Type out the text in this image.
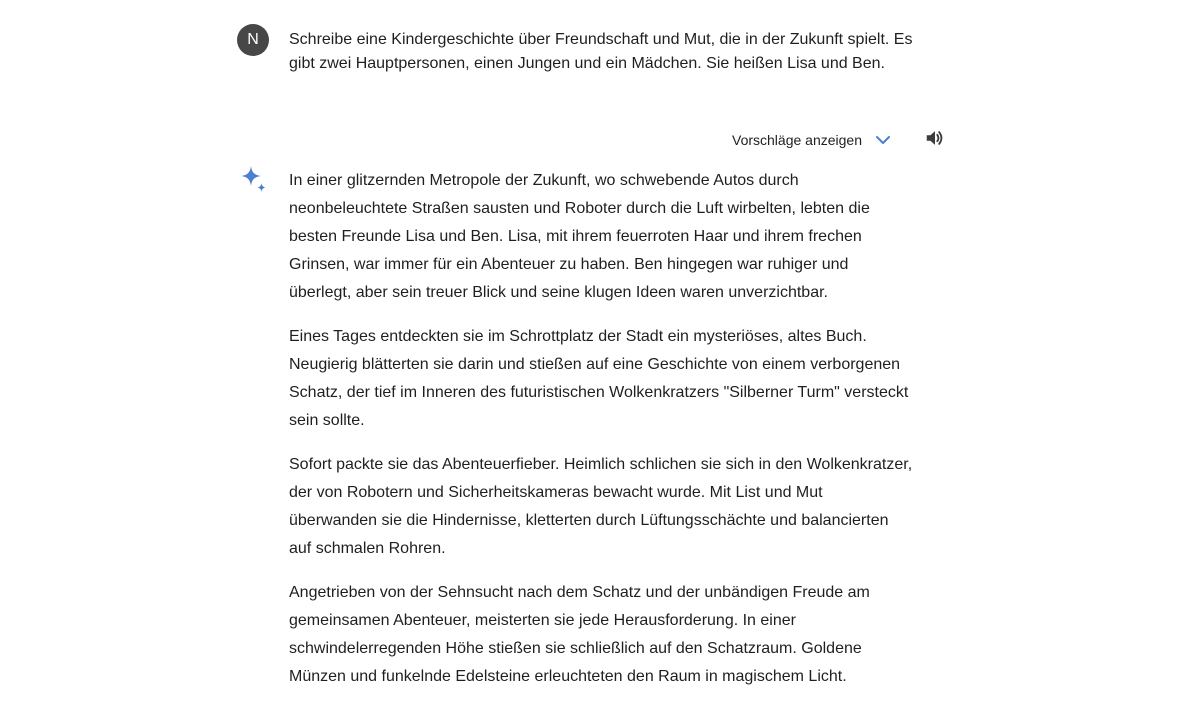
N	Schreibe eine Kindergeschichte über Freundschaft und Mut, die in der Zukunft spielt. Es gibt zwei Hauptpersonen, einen Jungen und ein Mädchen. Sie heißen Lisa und Ben.

Vorschläge anzeigen

In einer glitzernden Metropole der Zukunft, wo schwebende Autos durch neonbeleuchtete Straßen sausten und Roboter durch die Luft wirbelten, lebten die besten Freunde Lisa und Ben. Lisa, mit ihrem feuerroten Haar und ihrem frechen Grinsen, war immer für ein Abenteuer zu haben. Ben hingegen war ruhiger und überlegt, aber sein treuer Blick und seine klugen Ideen waren unverzichtbar.

Eines Tages entdeckten sie im Schrottplatz der Stadt ein mysteriöses, altes Buch. Neugierig blätterten sie darin und stießen auf eine Geschichte von einem verborgenen Schatz, der tief im Inneren des futuristischen Wolkenkratzers "Silberner Turm" versteckt sein sollte.

Sofort packte sie das Abenteuerfieber. Heimlich schlichen sie sich in den Wolkenkratzer, der von Robotern und Sicherheitskameras bewacht wurde. Mit List und Mut überwanden sie die Hindernisse, kletterten durch Lüftungsschächte und balancierten auf schmalen Rohren.

Angetrieben von der Sehnsucht nach dem Schatz und der unbändigen Freude am gemeinsamen Abenteuer, meisterten sie jede Herausforderung. In einer schwindelerregenden Höhe stießen sie schließlich auf den Schatzraum. Goldene Münzen und funkelnde Edelsteine erleuchteten den Raum in magischem Licht.
